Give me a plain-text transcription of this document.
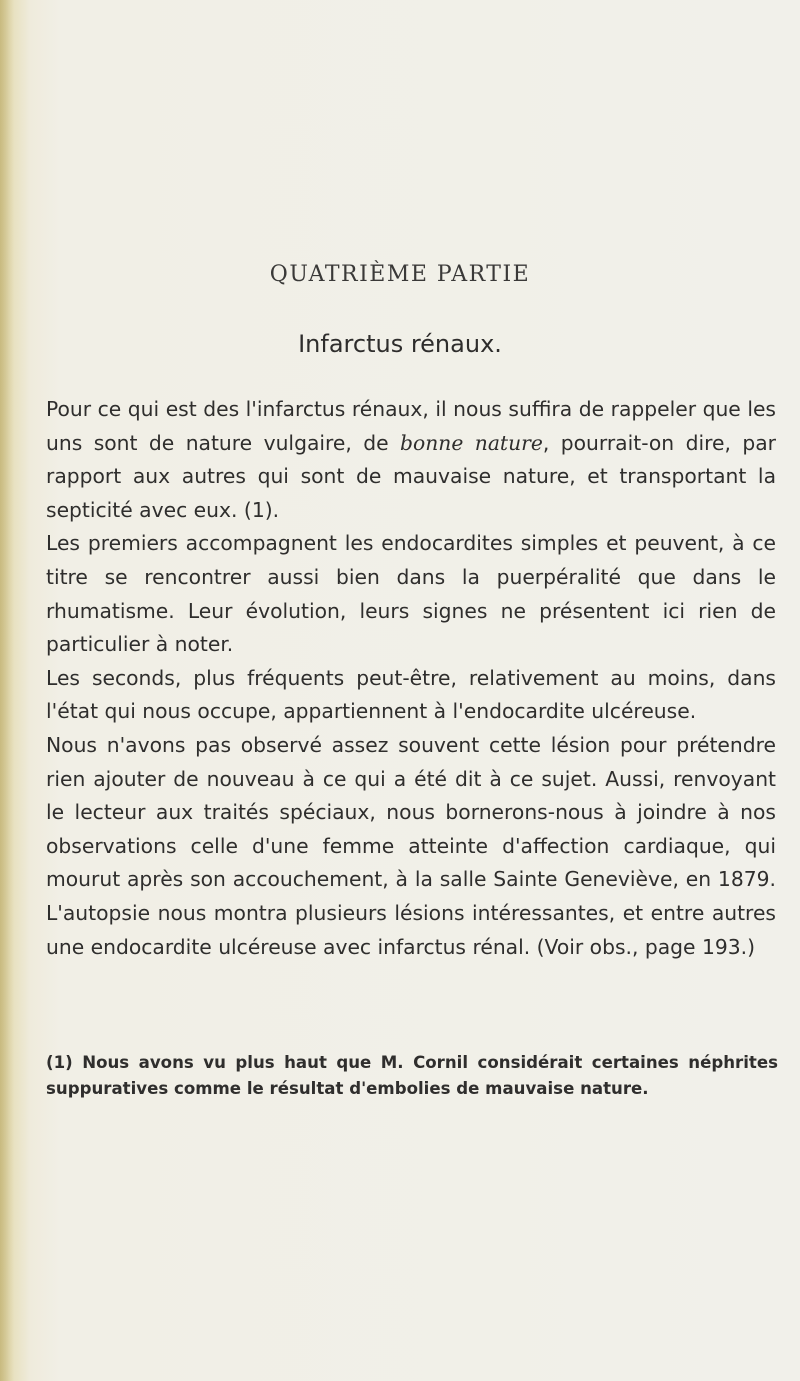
QUATRIÈME PARTIE
Infarctus rénaux.

Pour ce qui est des l'infarctus rénaux, il nous suffira de rappeler que les uns sont de nature vulgaire, de bonne nature, pourrait-on dire, par rapport aux autres qui sont de mauvaise nature, et transportant la septicité avec eux. (1).

Les premiers accompagnent les endocardites simples et peuvent, à ce titre se rencontrer aussi bien dans la puerpéralité que dans le rhumatisme. Leur évolution, leurs signes ne présentent ici rien de particulier à noter.

Les seconds, plus fréquents peut-être, relativement au moins, dans l'état qui nous occupe, appartiennent à l'endocardite ulcéreuse.

Nous n'avons pas observé assez souvent cette lésion pour prétendre rien ajouter de nouveau à ce qui a été dit à ce sujet. Aussi, renvoyant le lecteur aux traités spéciaux, nous bornerons-nous à joindre à nos observations celle d'une femme atteinte d'affection cardiaque, qui mourut après son accouchement, à la salle Sainte Geneviève, en 1879. L'autopsie nous montra plusieurs lésions intéressantes, et entre autres une endocardite ulcéreuse avec infarctus rénal. (Voir obs., page 193.)

(1) Nous avons vu plus haut que M. Cornil considérait certaines néphrites suppuratives comme le résultat d'embolies de mauvaise nature.
